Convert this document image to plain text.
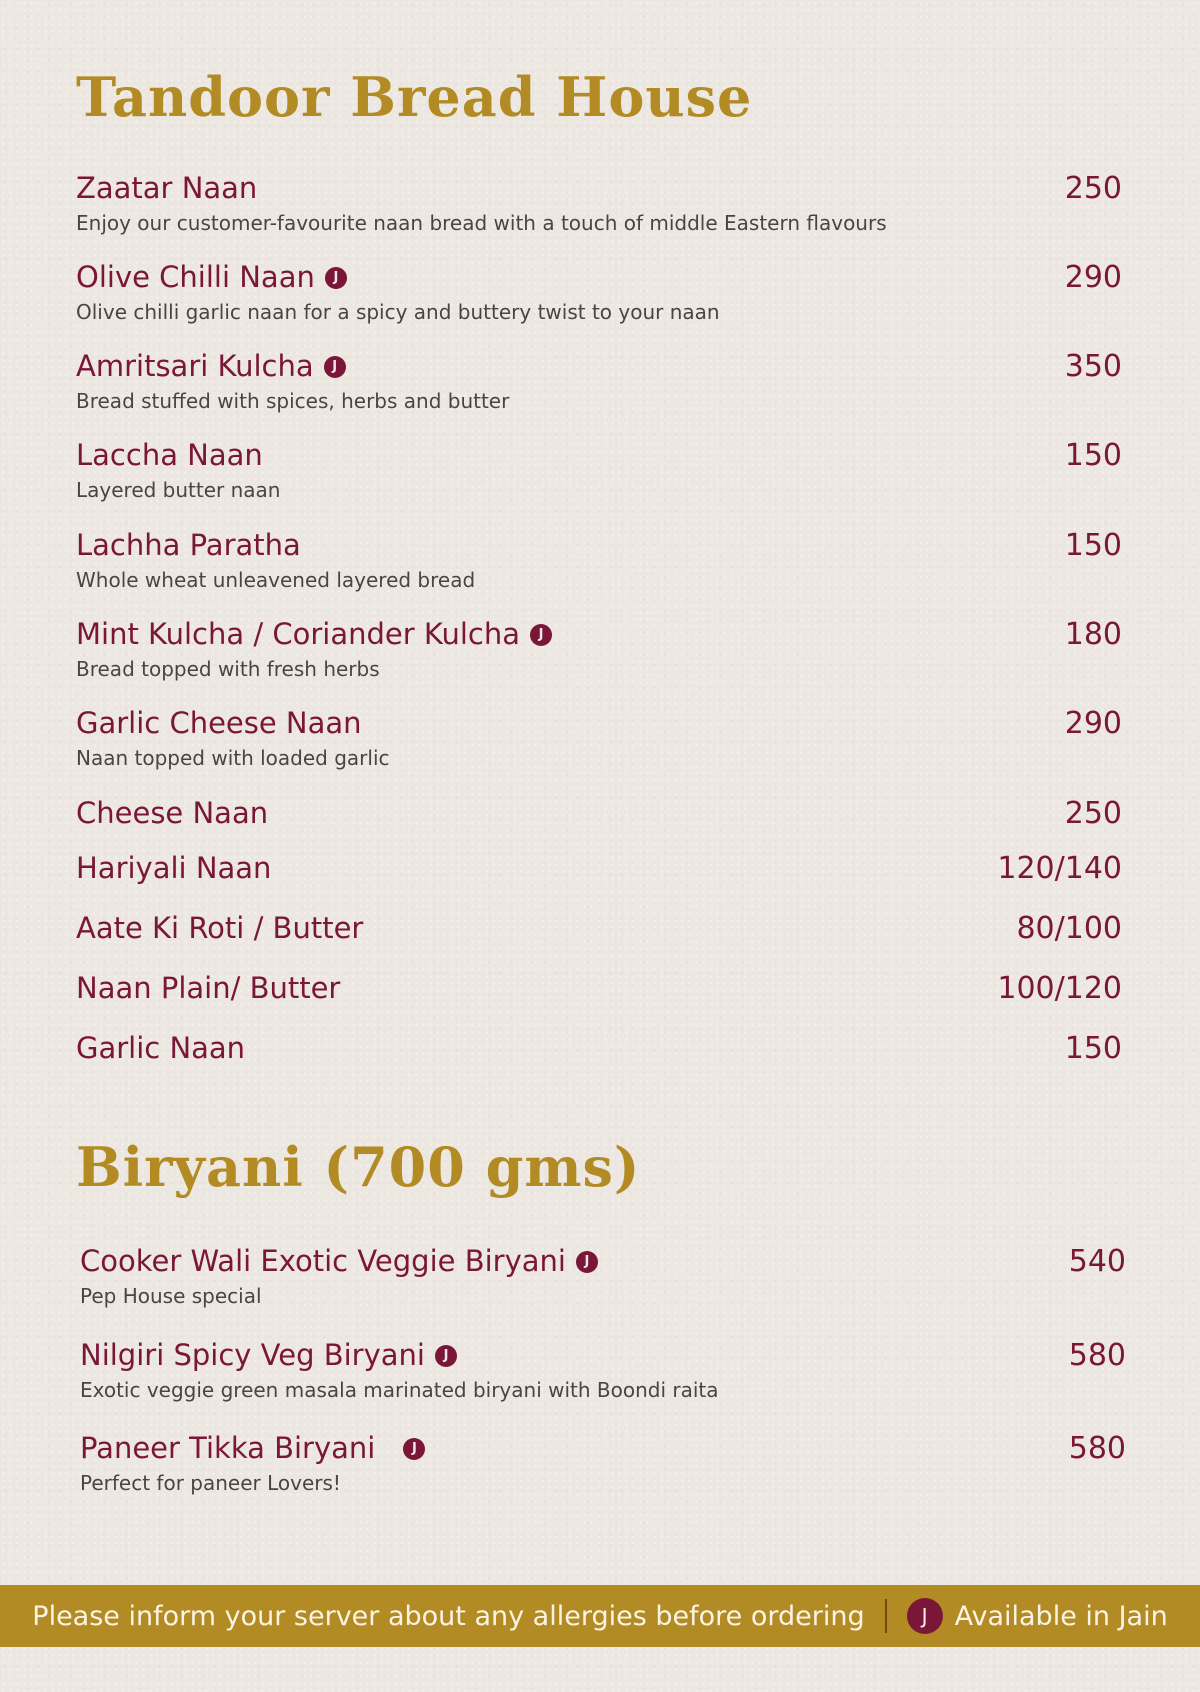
Tandoor Bread House
Zaatar Naan	250
Enjoy our customer-favourite naan bread with a touch of middle Eastern flavours
Olive Chilli Naan	J	290
Olive chilli garlic naan for a spicy and buttery twist to your naan
Amritsari Kulcha	J	350
Bread stuffed with spices, herbs and butter
Laccha Naan	150
Layered butter naan
Lachha Paratha	150
Whole wheat unleavened layered bread
Mint Kulcha / Coriander Kulcha	J	180
Bread topped with fresh herbs
Garlic Cheese Naan	290
Naan topped with loaded garlic
Cheese Naan	250
Hariyali Naan	120/140
Aate Ki Roti / Butter	80/100
Naan Plain/ Butter	100/120
Garlic Naan	150
Biryani (700 gms)
Cooker Wali Exotic Veggie Biryani	J	540
Pep House special
Nilgiri Spicy Veg Biryani	J	580
Exotic veggie green masala marinated biryani with Boondi raita
Paneer Tikka Biryani	J	580
Perfect for paneer Lovers!
Please inform your server about any allergies before ordering	J	Available in Jain
